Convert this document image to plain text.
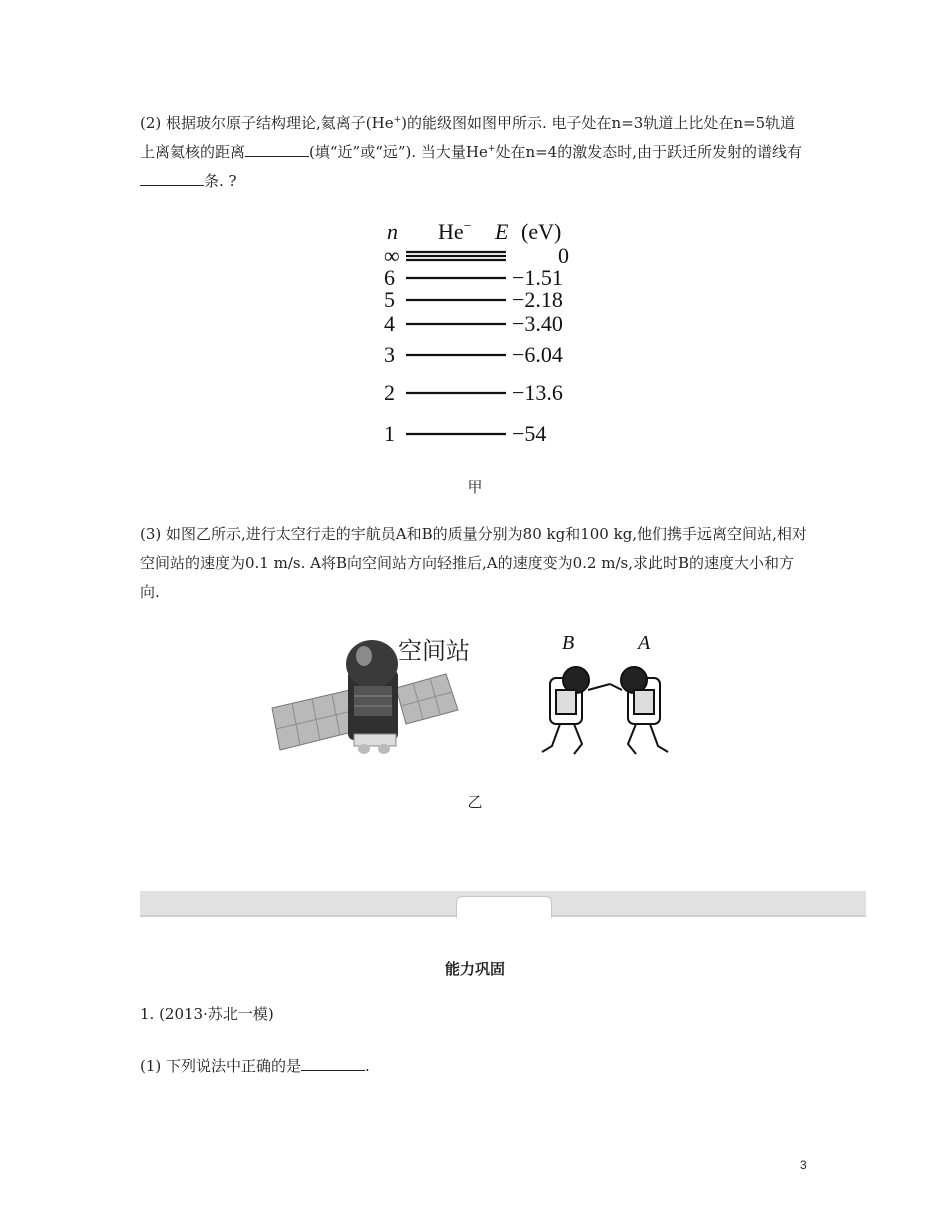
(2) 根据玻尔原子结构理论,氦离子(He+)的能级图如图甲所示. 电子处在n=3轨道上比处在n=5轨道上离氦核的距离	(填“近”或“远”). 当大量He+处在n=4的激发态时,由于跃迁所发射的谱线有条. ?
n He− E (eV)
∞	0
6	−1.51
5	−2.18
4	−3.40
3	−6.04
2	−13.6
1	−54
甲
(3) 如图乙所示,进行太空行走的宇航员A和B的质量分别为80 kg和100 kg,他们携手远离空间站,相对空间站的速度为0.1 m/s. A将B向空间站方向轻推后,A的速度变为0.2 m/s,求此时B的速度大小和方向.
空间站	B	A
乙
能力巩固
1. (2013·苏北一模)
(1) 下列说法中正确的是	.
3
